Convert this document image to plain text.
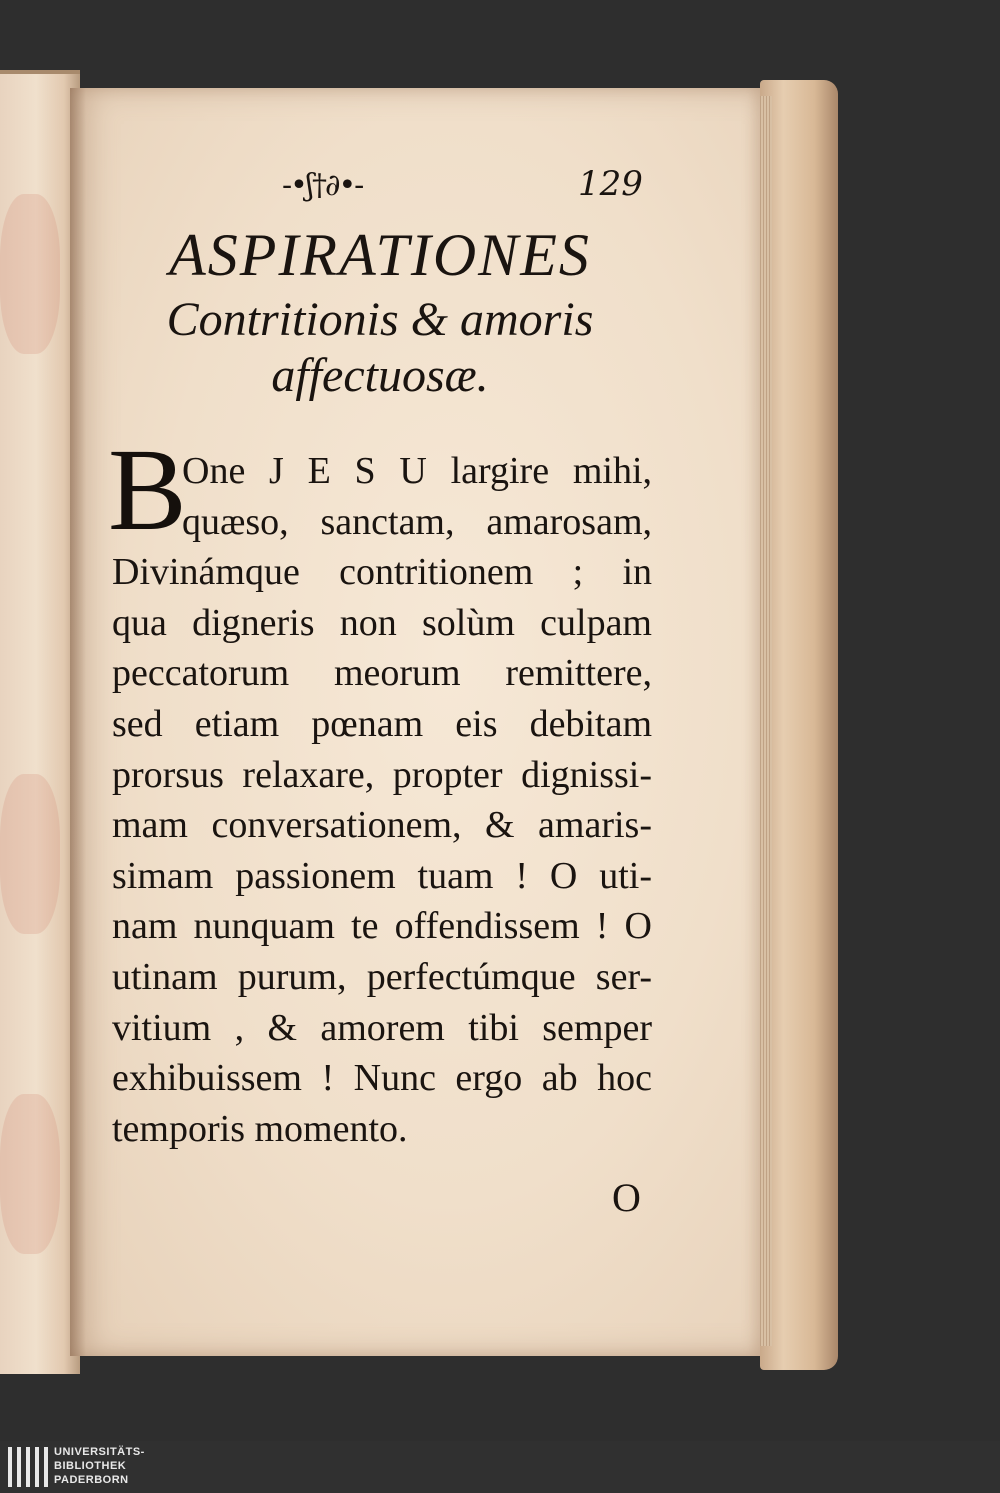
-•ʃ†∂•-	129
ASPIRATIONES
Contritionis & amoris
affectuosæ.
B
One J E S U largire mihi,
quæso, sanctam, amarosam,
Divinámque contritionem ; in
qua digneris non solùm culpam
peccatorum meorum remittere,
sed etiam pœnam eis debitam
prorsus relaxare, propter dignissi-
mam conversationem, & amaris-
simam passionem tuam ! O uti-
nam nunquam te offendissem ! O
utinam purum, perfectúmque ser-
vitium , & amorem tibi semper
exhibuissem ! Nunc ergo ab hoc
temporis momento.
O
UNIVERSITÄTS-
BIBLIOTHEK
PADERBORN
